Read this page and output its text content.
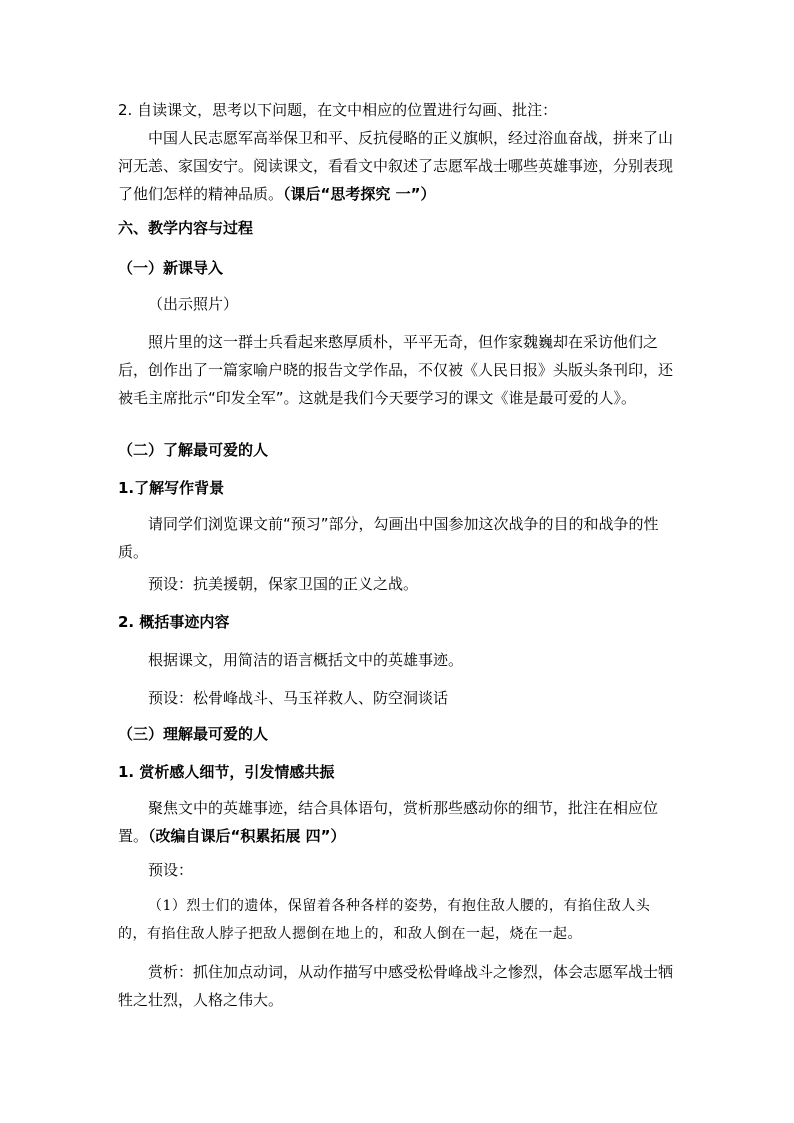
2. 自读课文，思考以下问题，在文中相应的位置进行勾画、批注：

中国人民志愿军高举保卫和平、反抗侵略的正义旗帜，经过浴血奋战，拼来了山河无恙、家国安宁。阅读课文，看看文中叙述了志愿军战士哪些英雄事迹，分别表现了他们怎样的精神品质。（课后“思考探究 一”）

六、教学内容与过程

（一）新课导入

（出示照片）

照片里的这一群士兵看起来憨厚质朴，平平无奇，但作家魏巍却在采访他们之后，创作出了一篇家喻户晓的报告文学作品，不仅被《人民日报》头版头条刊印，还被毛主席批示“印发全军”。这就是我们今天要学习的课文《谁是最可爱的人》。

（二）了解最可爱的人

1.了解写作背景

请同学们浏览课文前“预习”部分，勾画出中国参加这次战争的目的和战争的性质。

预设：抗美援朝，保家卫国的正义之战。

2. 概括事迹内容

根据课文，用简洁的语言概括文中的英雄事迹。

预设：松骨峰战斗、马玉祥救人、防空洞谈话

（三）理解最可爱的人

1. 赏析感人细节，引发情感共振

聚焦文中的英雄事迹，结合具体语句，赏析那些感动你的细节，批注在相应位置。（改编自课后“积累拓展 四”）

预设：

（1）烈士们的遗体，保留着各种各样的姿势，有抱住敌人腰的，有掐住敌人头的，有掐住敌人脖子把敌人摁倒在地上的，和敌人倒在一起，烧在一起。

赏析：抓住加点动词，从动作描写中感受松骨峰战斗之惨烈，体会志愿军战士牺牲之壮烈，人格之伟大。
